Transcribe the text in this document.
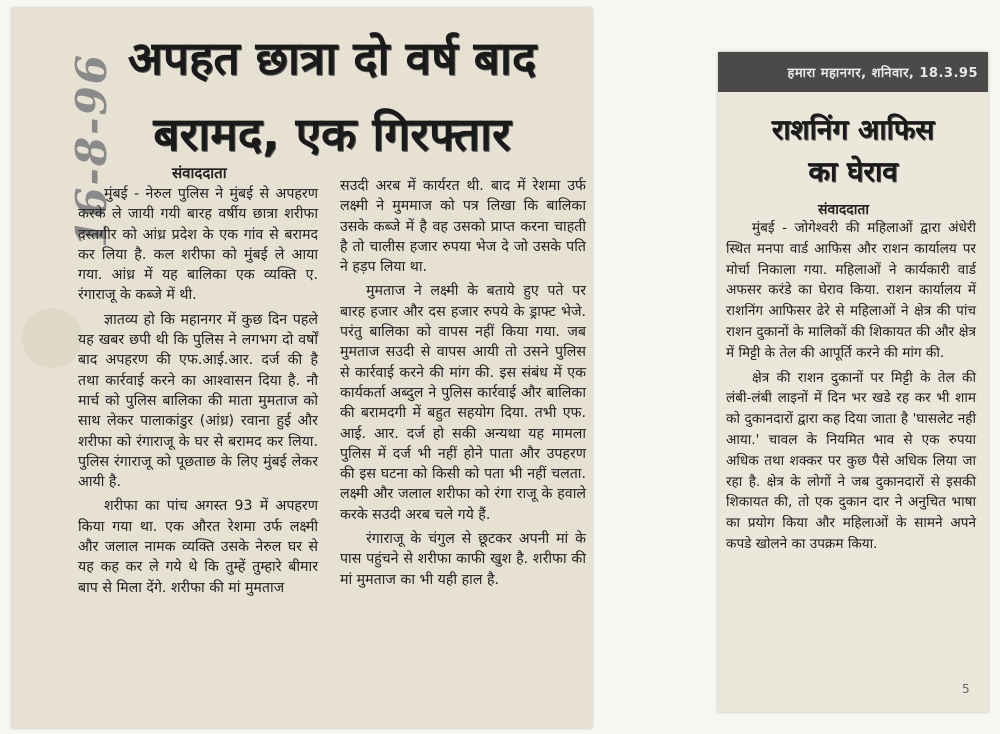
16-8-96 अपहत छात्रा दो वर्ष बाद
बरामद, एक गिरफ्तार
संवाददाता

मुंबई - नेरुल पुलिस ने मुंबई से अपहरण करके ले जायी गयी बारह वर्षीय छात्रा शरीफा दस्तगीर को आंध्र प्रदेश के एक गांव से बरामद कर लिया है. कल शरीफा को मुंबई ले आया गया. आंध्र में यह बालिका एक व्यक्ति ए. रंगाराजू के कब्जे में थी.

ज्ञातव्य हो कि महानगर में कुछ दिन पहले यह खबर छपी थी कि पुलिस ने लगभग दो वर्षों बाद अपहरण की एफ.आई.आर. दर्ज की है तथा कार्रवाई करने का आश्वासन दिया है. नौ मार्च को पुलिस बालिका की माता मुमताज को साथ लेकर पालाकांडुर (आंध्र) रवाना हुई और शरीफा को रंगाराजू के घर से बरामद कर लिया. पुलिस रंगाराजू को पूछताछ के लिए मुंबई लेकर आयी है.

शरीफा का पांच अगस्त 93 में अपहरण किया गया था. एक औरत रेशमा उर्फ लक्ष्मी और जलाल नामक व्यक्ति उसके नेरुल घर से यह कह कर ले गये थे कि तुम्हें तुम्हारे बीमार बाप से मिला देंगे. शरीफा की मां मुमताज

सउदी अरब में कार्यरत थी. बाद में रेशमा उर्फ लक्ष्मी ने मुममाज को पत्र लिखा कि बालिका उसके कब्जे में है वह उसको प्राप्त करना चाहती है तो चालीस हजार रुपया भेज दे जो उसके पति ने हड़प लिया था.

मुमताज ने लक्ष्मी के बताये हुए पते पर बारह हजार और दस हजार रुपये के ड्राफ्ट भेजे. परंतु बालिका को वापस नहीं किया गया. जब मुमताज सउदी से वापस आयी तो उसने पुलिस से कार्रवाई करने की मांग की. इस संबंध में एक कार्यकर्ता अब्दुल ने पुलिस कार्रवाई और बालिका की बरामदगी में बहुत सहयोग दिया. तभी एफ. आई. आर. दर्ज हो सकी अन्यथा यह मामला पुलिस में दर्ज भी नहीं होने पाता और उपहरण की इस घटना को किसी को पता भी नहीं चलता. लक्ष्मी और जलाल शरीफा को रंगा राजू के हवाले करके सउदी अरब चले गये हैं.

रंगाराजू के चंगुल से छूटकर अपनी मां के पास पहुंचने से शरीफा काफी खुश है. शरीफा की मां मुमताज का भी यही हाल है.

हमारा महानगर, शनिवार, 18.3.95
राशनिंग आफिस
का घेराव
संवाददाता

मुंबई - जोगेश्वरी की महिलाओं द्वारा अंधेरी स्थित मनपा वार्ड आफिस और राशन कार्यालय पर मोर्चा निकाला गया. महिलाओं ने कार्यकारी वार्ड अफसर करंडे का घेराव किया. राशन कार्यालय में राशनिंग आफिसर ढेरे से महिलाओं ने क्षेत्र की पांच राशन दुकानों के मालिकों की शिकायत की और क्षेत्र में मिट्टी के तेल की आपूर्ति करने की मांग की.

क्षेत्र की राशन दुकानों पर मिट्टी के तेल की लंबी-लंबी लाइनों में दिन भर खडे रह कर भी शाम को दुकानदारों द्वारा कह दिया जाता है 'घासलेट नही आया.' चावल के नियमित भाव से एक रुपया अधिक तथा शक्कर पर कुछ पैसे अधिक लिया जा रहा है. क्षेत्र के लोगों ने जब दुकानदारों से इसकी शिकायत की, तो एक दुकान दार ने अनुचित भाषा का प्रयोग किया और महिलाओं के सामने अपने कपडे खोलने का उपक्रम किया.

5
